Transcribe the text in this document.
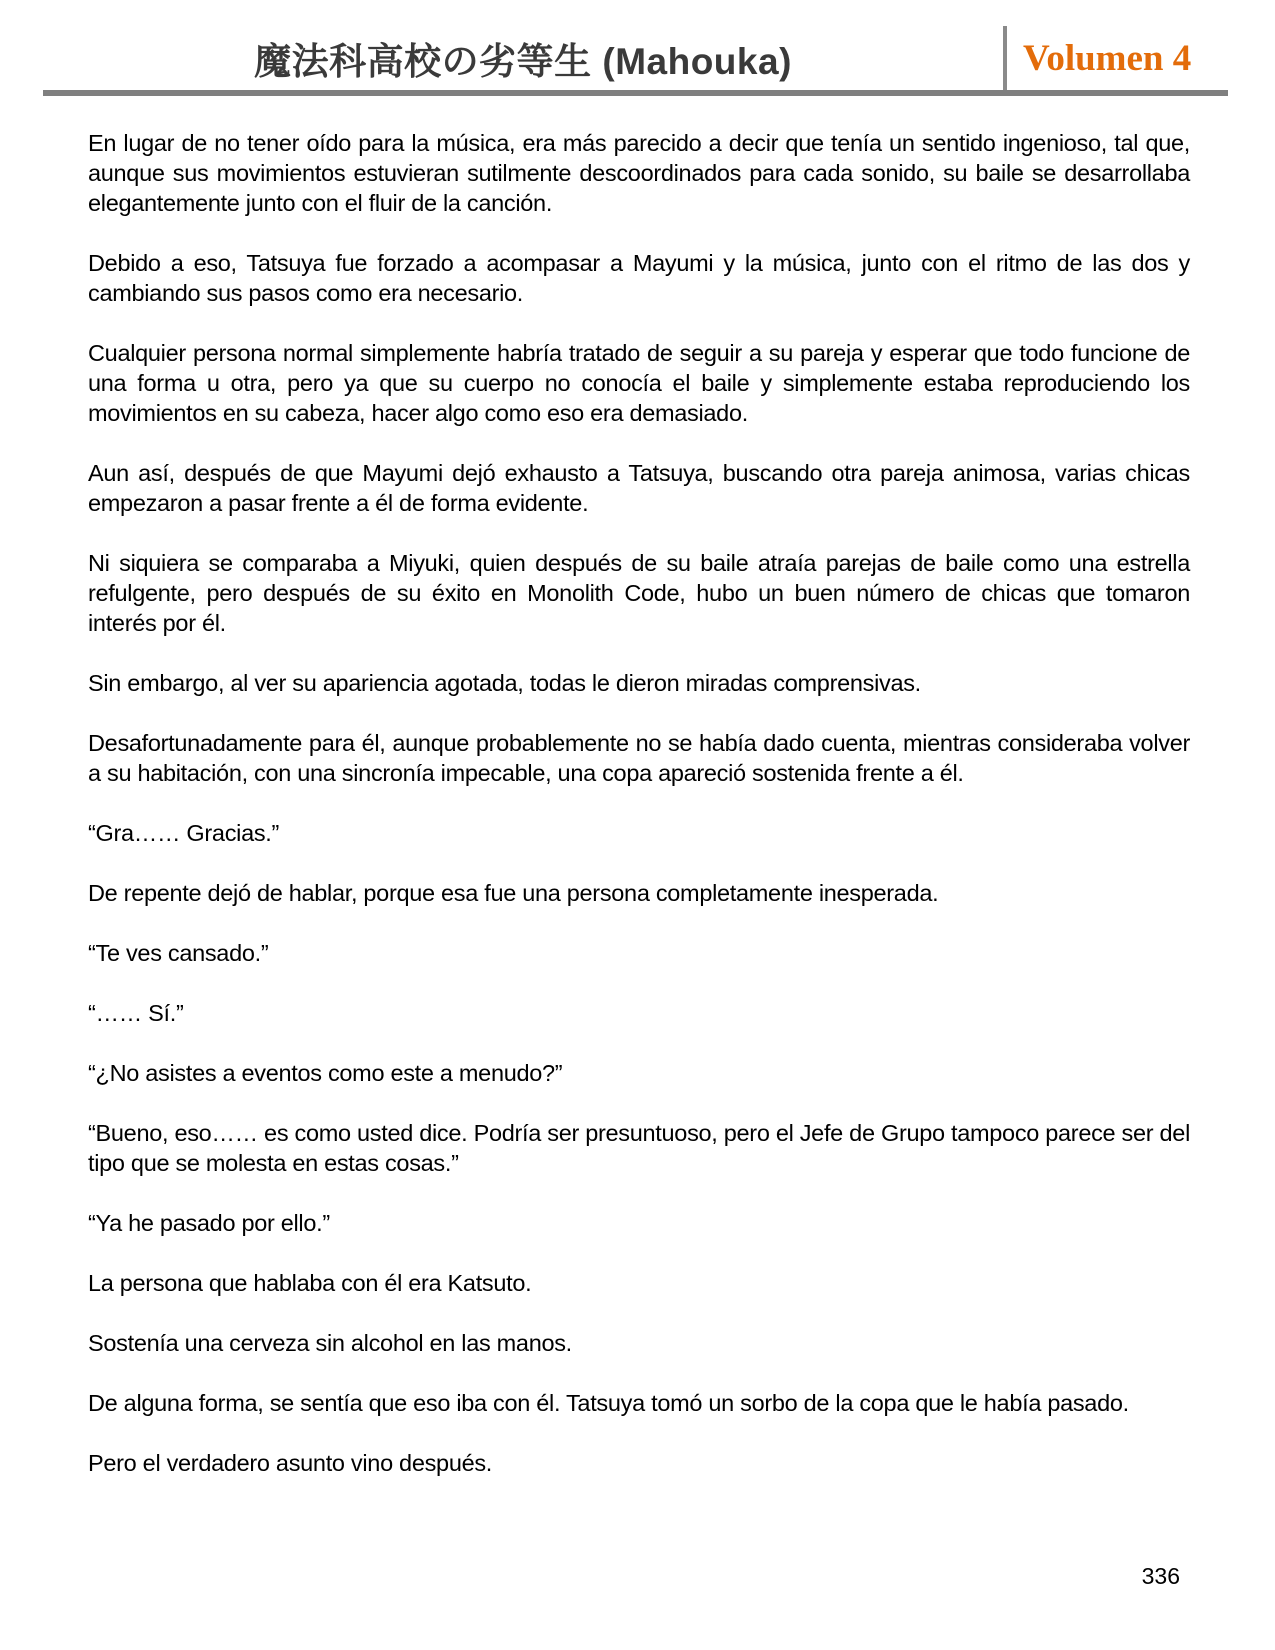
魔法科高校の劣等生 (Mahouka)	Volumen 4

En lugar de no tener oído para la música, era más parecido a decir que tenía un sentido ingenioso, tal que, aunque sus movimientos estuvieran sutilmente descoordinados para cada sonido, su baile se desarrollaba elegantemente junto con el fluir de la canción.

Debido a eso, Tatsuya fue forzado a acompasar a Mayumi y la música, junto con el ritmo de las dos y cambiando sus pasos como era necesario.

Cualquier persona normal simplemente habría tratado de seguir a su pareja y esperar que todo funcione de una forma u otra, pero ya que su cuerpo no conocía el baile y simplemente estaba reproduciendo los movimientos en su cabeza, hacer algo como eso era demasiado.

Aun así, después de que Mayumi dejó exhausto a Tatsuya, buscando otra pareja animosa, varias chicas empezaron a pasar frente a él de forma evidente.

Ni siquiera se comparaba a Miyuki, quien después de su baile atraía parejas de baile como una estrella refulgente, pero después de su éxito en Monolith Code, hubo un buen número de chicas que tomaron interés por él.

Sin embargo, al ver su apariencia agotada, todas le dieron miradas comprensivas.

Desafortunadamente para él, aunque probablemente no se había dado cuenta, mientras consideraba volver a su habitación, con una sincronía impecable, una copa apareció sostenida frente a él.

“Gra…… Gracias.”

De repente dejó de hablar, porque esa fue una persona completamente inesperada.

“Te ves cansado.”

“…… Sí.”

“¿No asistes a eventos como este a menudo?”

“Bueno, eso…… es como usted dice. Podría ser presuntuoso, pero el Jefe de Grupo tampoco parece ser del tipo que se molesta en estas cosas.”

“Ya he pasado por ello.”

La persona que hablaba con él era Katsuto.

Sostenía una cerveza sin alcohol en las manos.

De alguna forma, se sentía que eso iba con él. Tatsuya tomó un sorbo de la copa que le había pasado.

Pero el verdadero asunto vino después.

336
